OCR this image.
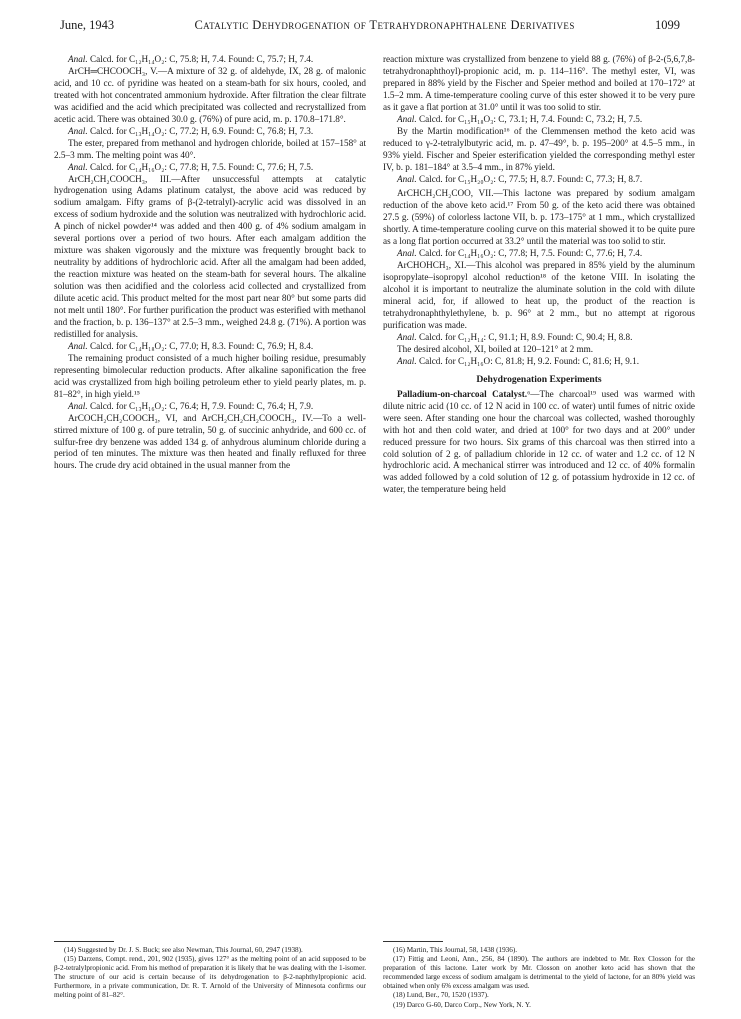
June, 1943	Catalytic Dehydrogenation of Tetrahydronaphthalene Derivatives	1099

Anal. Calcd. for C₁₂H₁₄O₂: C, 75.8; H, 7.4. Found: C, 75.7; H, 7.4.

ArCH═CHCOOCH₃, V.—A mixture of 32 g. of aldehyde, IX, 28 g. of malonic acid, and 10 cc. of pyridine was heated on a steam-bath for six hours, cooled, and treated with hot concentrated ammonium hydroxide. After filtration the clear filtrate was acidified and the acid which precipitated was collected and recrystallized from acetic acid. There was obtained 30.0 g. (76%) of pure acid, m. p. 170.8–171.8°.

Anal. Calcd. for C₁₃H₁₄O₂: C, 77.2; H, 6.9. Found: C, 76.8; H, 7.3.

The ester, prepared from methanol and hydrogen chloride, boiled at 157–158° at 2.5–3 mm. The melting point was 40°.

Anal. Calcd. for C₁₄H₁₆O₂: C, 77.8; H, 7.5. Found: C, 77.6; H, 7.5.

ArCH₂CH₂COOCH₃, III.—After unsuccessful attempts at catalytic hydrogenation using Adams platinum catalyst, the above acid was reduced by sodium amalgam. Fifty grams of β-(2-tetralyl)-acrylic acid was dissolved in an excess of sodium hydroxide and the solution was neutralized with hydrochloric acid. A pinch of nickel powder¹⁴ was added and then 400 g. of 4% sodium amalgam in several portions over a period of two hours. After each amalgam addition the mixture was shaken vigorously and the mixture was frequently brought back to neutrality by additions of hydrochloric acid. After all the amalgam had been added, the reaction mixture was heated on the steam-bath for several hours. The alkaline solution was then acidified and the colorless acid collected and crystallized from dilute acetic acid. This product melted for the most part near 80° but some parts did not melt until 180°. For further purification the product was esterified with methanol and the fraction, b. p. 136–137° at 2.5–3 mm., weighed 24.8 g. (71%). A portion was redistilled for analysis.

Anal. Calcd. for C₁₄H₁₈O₂: C, 77.0; H, 8.3. Found: C, 76.9; H, 8.4.

The remaining product consisted of a much higher boiling residue, presumably representing bimolecular reduction products. After alkaline saponification the free acid was crystallized from high boiling petroleum ether to yield pearly plates, m. p. 81–82°, in high yield.¹⁵

Anal. Calcd. for C₁₃H₁₆O₂: C, 76.4; H, 7.9. Found: C, 76.4; H, 7.9.

ArCOCH₂CH₂COOCH₃, VI, and ArCH₂CH₂CH₂COOCH₃, IV.—To a well-stirred mixture of 100 g. of pure tetralin, 50 g. of succinic anhydride, and 600 cc. of sulfur-free dry benzene was added 134 g. of anhydrous aluminum chloride during a period of ten minutes. The mixture was then heated and finally refluxed for three hours. The crude dry acid obtained in the usual manner from the

reaction mixture was crystallized from benzene to yield 88 g. (76%) of β-2-(5,6,7,8-tetrahydronaphthoyl)-propionic acid, m. p. 114–116°. The methyl ester, VI, was prepared in 88% yield by the Fischer and Speier method and boiled at 170–172° at 1.5–2 mm. A time-temperature cooling curve of this ester showed it to be very pure as it gave a flat portion at 31.0° until it was too solid to stir.

Anal. Calcd. for C₁₅H₁₈O₃: C, 73.1; H, 7.4. Found: C, 73.2; H, 7.5.

By the Martin modification¹⁶ of the Clemmensen method the keto acid was reduced to γ-2-tetralylbutyric acid, m. p. 47–49°, b. p. 195–200° at 4.5–5 mm., in 93% yield. Fischer and Speier esterification yielded the corresponding methyl ester IV, b. p. 181–184° at 3.5–4 mm., in 87% yield.

Anal. Calcd. for C₁₅H₂₀O₂: C, 77.5; H, 8.7. Found: C, 77.3; H, 8.7.

ArCHCH₂CH₂COO, VII.—This lactone was prepared by sodium amalgam reduction of the above keto acid.¹⁷ From 50 g. of the keto acid there was obtained 27.5 g. (59%) of colorless lactone VII, b. p. 173–175° at 1 mm., which crystallized shortly. A time-temperature cooling curve on this material showed it to be quite pure as a long flat portion occurred at 33.2° until the material was too solid to stir.

Anal. Calcd. for C₁₄H₁₆O₂: C, 77.8; H, 7.5. Found: C, 77.6; H, 7.4.

ArCHOHCH₃, XI.—This alcohol was prepared in 85% yield by the aluminum isopropylate–isopropyl alcohol reduction¹⁸ of the ketone VIII. In isolating the alcohol it is important to neutralize the aluminate solution in the cold with dilute mineral acid, for, if allowed to heat up, the product of the reaction is tetrahydronaphthylethylene, b. p. 96° at 2 mm., but no attempt at rigorous purification was made.

Anal. Calcd. for C₁₂H₁₄: C, 91.1; H, 8.9. Found: C, 90.4; H, 8.8.

The desired alcohol, XI, boiled at 120–121° at 2 mm.

Anal. Calcd. for C₁₂H₁₆O: C, 81.8; H, 9.2. Found: C, 81.6; H, 9.1.

Dehydrogenation Experiments

Palladium-on-charcoal Catalyst.⁶—The charcoal¹⁹ used was warmed with dilute nitric acid (10 cc. of 12 N acid in 100 cc. of water) until fumes of nitric oxide were seen. After standing one hour the charcoal was collected, washed thoroughly with hot and then cold water, and dried at 100° for two days and at 200° under reduced pressure for two hours. Six grams of this charcoal was then stirred into a cold solution of 2 g. of palladium chloride in 12 cc. of water and 1.2 cc. of 12 N hydrochloric acid. A mechanical stirrer was introduced and 12 cc. of 40% formalin was added followed by a cold solution of 12 g. of potassium hydroxide in 12 cc. of water, the temperature being held

(14) Suggested by Dr. J. S. Buck; see also Newman, This Journal, 60, 2947 (1938).

(15) Darzens, Compt. rend., 201, 902 (1935), gives 127° as the melting point of an acid supposed to be β-2-tetralylpropionic acid. From his method of preparation it is likely that he was dealing with the 1-isomer. The structure of our acid is certain because of its dehydrogenation to β-2-naphthylpropionic acid. Furthermore, in a private communication, Dr. R. T. Arnold of the University of Minnesota confirms our melting point of 81–82°.

(16) Martin, This Journal, 58, 1438 (1936).

(17) Fittig and Leoni, Ann., 256, 84 (1890). The authors are indebted to Mr. Rex Closson for the preparation of this lactone. Later work by Mr. Closson on another keto acid has shown that the recommended large excess of sodium amalgam is detrimental to the yield of lactone, for an 80% yield was obtained when only 6% excess amalgam was used.

(18) Lund, Ber., 70, 1520 (1937).

(19) Darco G-60, Darco Corp., New York, N. Y.
